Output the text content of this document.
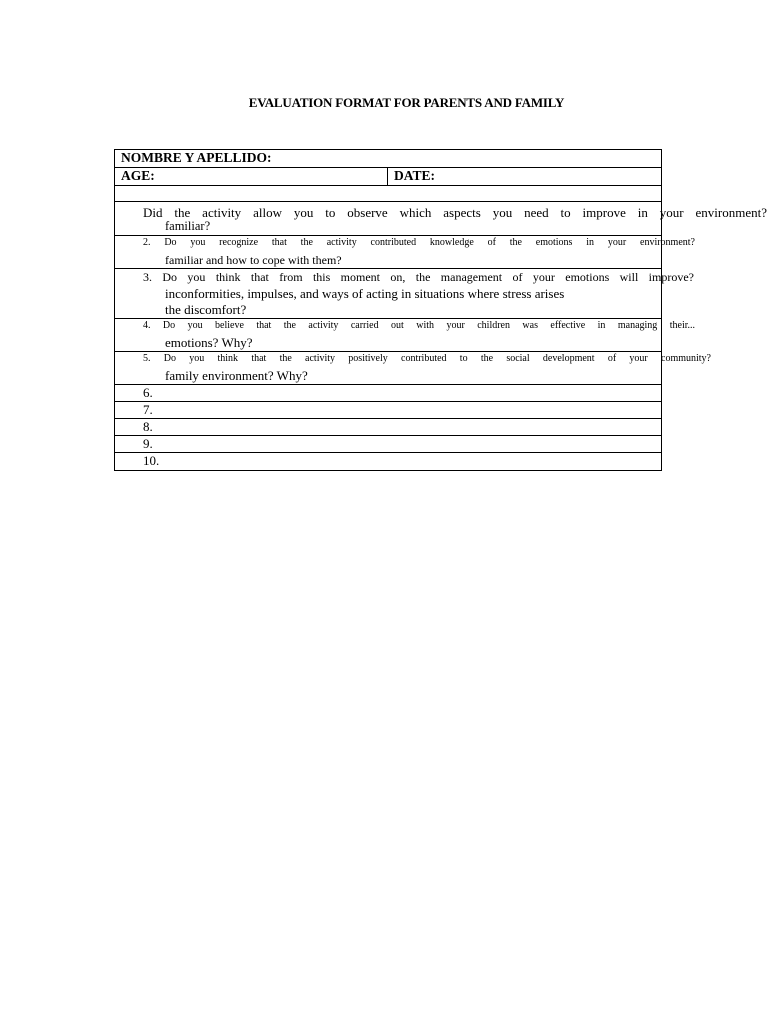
EVALUATION FORMAT FOR PARENTS AND FAMILY
NOMBRE Y APELLIDO:
AGE:	DATE:
Did the activity allow you to observe which aspects you need to improve in your environment?
familiar?
2. Do you recognize that the activity contributed knowledge of the emotions in your environment?
familiar and how to cope with them?
3. Do you think that from this moment on, the management of your emotions will improve?
inconformities, impulses, and ways of acting in situations where stress arises
the discomfort?
4. Do you believe that the activity carried out with your children was effective in managing their...
emotions? Why?
5. Do you think that the activity positively contributed to the social development of your community?
family environment? Why?
6.
7.
8.
9.
10.
